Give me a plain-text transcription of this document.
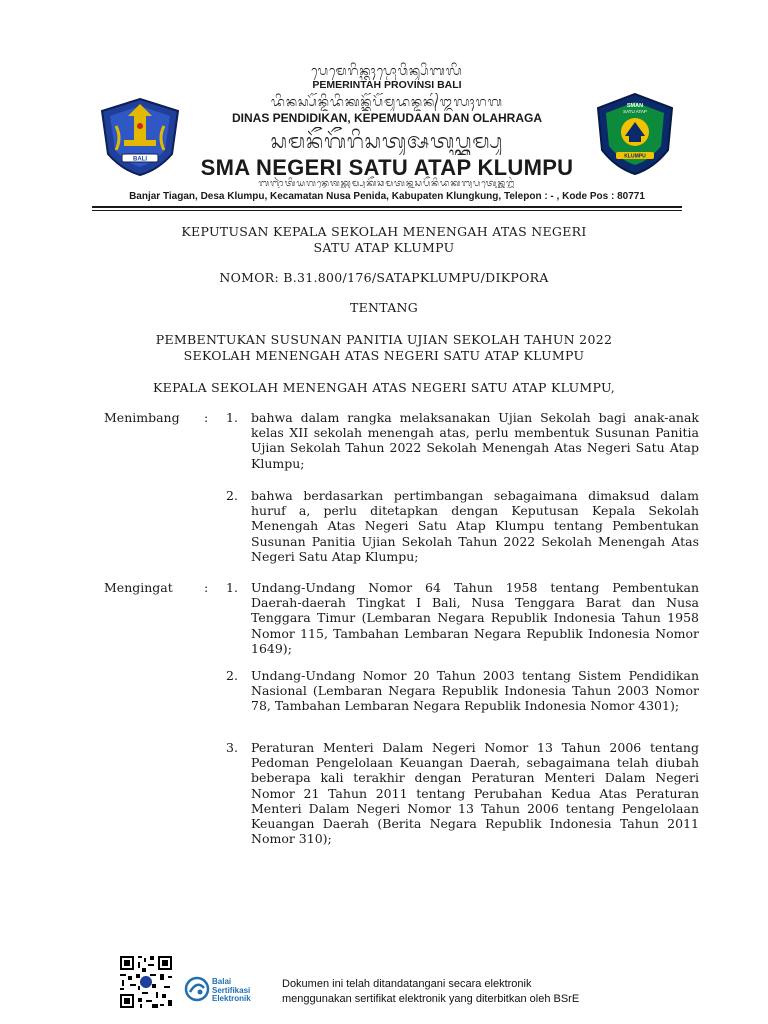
BALI
ᬧᬾᬫᬾᬭᬶᬦ᭄ᬢᬄᬧ᭄ᬭᭀᬯᬶᬦ᭄ᬲᬶᬩᬮᬶ
PEMERINTAH PROVINSI BALI
ᬤᬶᬦᬲ᭄ᬧᭂᬦ᭄ᬤᬶᬤᬶᬓᬦ᭄ᬓᭂᬧᭂᬫᬸᬤᬦ᭄ᬤᬦ᭄ᬑᬮᬄᬭᬕ
DINAS PENDIDIKAN, KEPEMUDAAN DAN OLAHRAGA
ᬲᬫᬦᭂᬕᭂᬭᬶᬲᬢᬸᬅᬢᬧ᭄ᬓ᭄ᬮᬸᬫ᭄ᬧᬸ
SMA NEGERI SATU ATAP KLUMPU
SMAN
SATU ATAP
KLUMPU
ᬩᬜ᭄ᬚᬃᬢᬶᬬᬕᬦ᭄ᬤᬾᬰᬓ᭄ᬮᬸᬫ᭄ᬧᬸᬓᭂᬘᬫᬢᬦ᭄ᬦᬸᬲᬧᭂᬦᬶᬤᬓᬩᬸᬧᬢᬾᬦ᭄ᬓ᭄ᬮᬸᬗ᭄ᬓᬸᬂ
Banjar Tiagan, Desa Klumpu, Kecamatan Nusa Penida, Kabupaten Klungkung, Telepon : - , Kode Pos : 80771
KEPUTUSAN KEPALA SEKOLAH MENENGAH ATAS NEGERI
SATU ATAP KLUMPU
NOMOR: B.31.800/176/SATAPKLUMPU/DIKPORA
TENTANG
PEMBENTUKAN SUSUNAN PANITIA UJIAN SEKOLAH TAHUN 2022
SEKOLAH MENENGAH ATAS NEGERI SATU ATAP KLUMPU
KEPALA SEKOLAH MENENGAH ATAS NEGERI SATU ATAP KLUMPU,
Menimbang : 1. bahwa dalam rangka melaksanakan Ujian Sekolah bagi anak-anak kelas XII sekolah menengah atas, perlu membentuk Susunan Panitia Ujian Sekolah Tahun 2022 Sekolah Menengah Atas Negeri Satu Atap Klumpu;
2. bahwa berdasarkan pertimbangan sebagaimana dimaksud dalam huruf a, perlu ditetapkan dengan Keputusan Kepala Sekolah Menengah Atas Negeri Satu Atap Klumpu tentang Pembentukan Susunan Panitia Ujian Sekolah Tahun 2022 Sekolah Menengah Atas Negeri Satu Atap Klumpu;
Mengingat : 1. Undang-Undang Nomor 64 Tahun 1958 tentang Pembentukan Daerah-daerah Tingkat I Bali, Nusa Tenggara Barat dan Nusa Tenggara Timur (Lembaran Negara Republik Indonesia Tahun 1958 Nomor 115, Tambahan Lembaran Negara Republik Indonesia Nomor 1649);
2. Undang-Undang Nomor 20 Tahun 2003 tentang Sistem Pendidikan Nasional (Lembaran Negara Republik Indonesia Tahun 2003 Nomor 78, Tambahan Lembaran Negara Republik Indonesia Nomor 4301);
3. Peraturan Menteri Dalam Negeri Nomor 13 Tahun 2006 tentang Pedoman Pengelolaan Keuangan Daerah, sebagaimana telah diubah beberapa kali terakhir dengan Peraturan Menteri Dalam Negeri Nomor 21 Tahun 2011 tentang Perubahan Kedua Atas Peraturan Menteri Dalam Negeri Nomor 13 Tahun 2006 tentang Pengelolaan Keuangan Daerah (Berita Negara Republik Indonesia Tahun 2011 Nomor 310);
Balai
Sertifikasi
Elektronik
Dokumen ini telah ditandatangani secara elektronik
menggunakan sertifikat elektronik yang diterbitkan oleh BSrE
